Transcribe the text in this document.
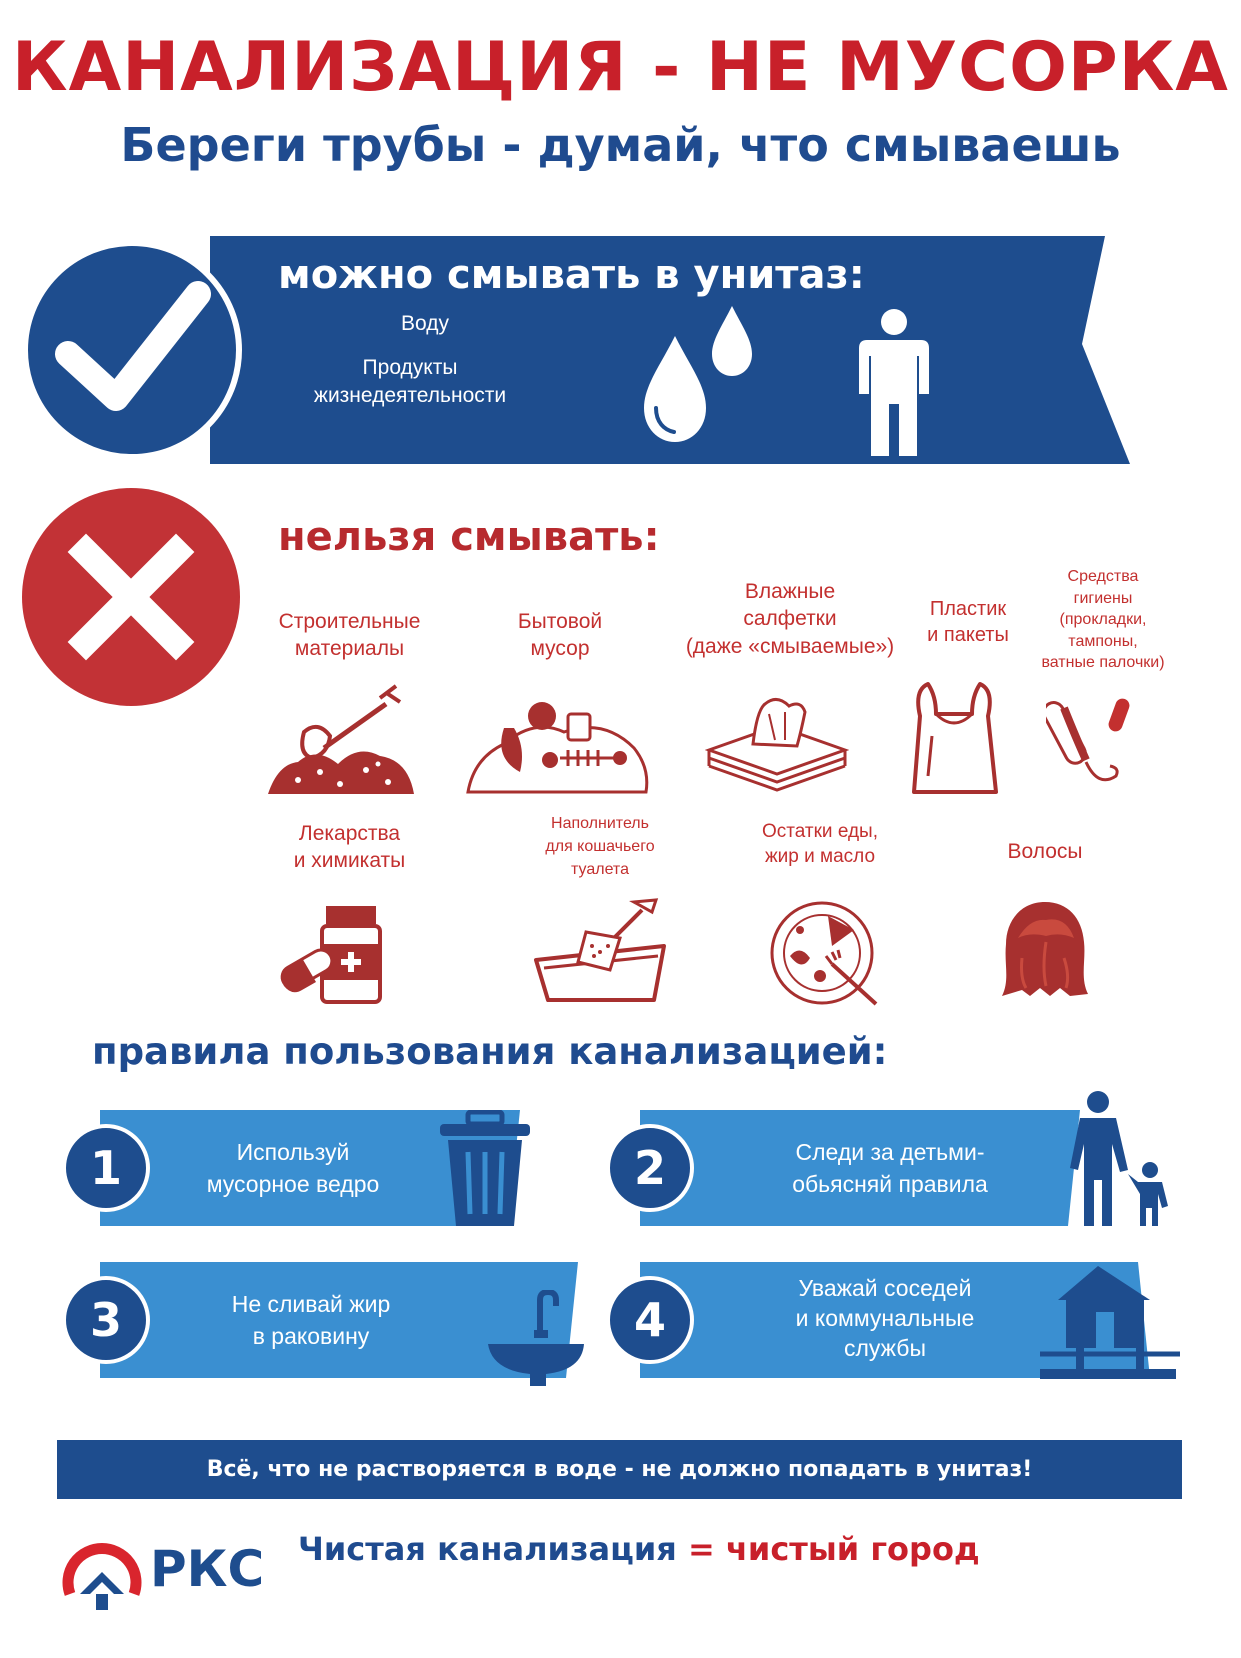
КАНАЛИЗАЦИЯ - НЕ МУСОРКА
Береги трубы - думай, что смываешь
можно смывать в унитаз:
Воду
Продукты
жизнедеятельности
нельзя смывать:
Строительные
материалы
Бытовой
мусор
Влажные
салфетки
(даже «смываемые»)
Пластик
и пакеты
Средства
гигиены
(прокладки,
тампоны,
ватные палочки)
Лекарства
и химикаты
Наполнитель
для кошачьего
туалета
Остатки еды,
жир и масло	Волосы
правила пользования канализацией:
1	Используй
мусорное ведро	2	Следи за детьми-
обьясняй правила
3	Не сливай жир
в раковину	4
Уважай соседей
и коммунальные
службы
Всё, что не растворяется в воде - не должно попадать в унитаз!
РКС Чистая канализация = чистый город
